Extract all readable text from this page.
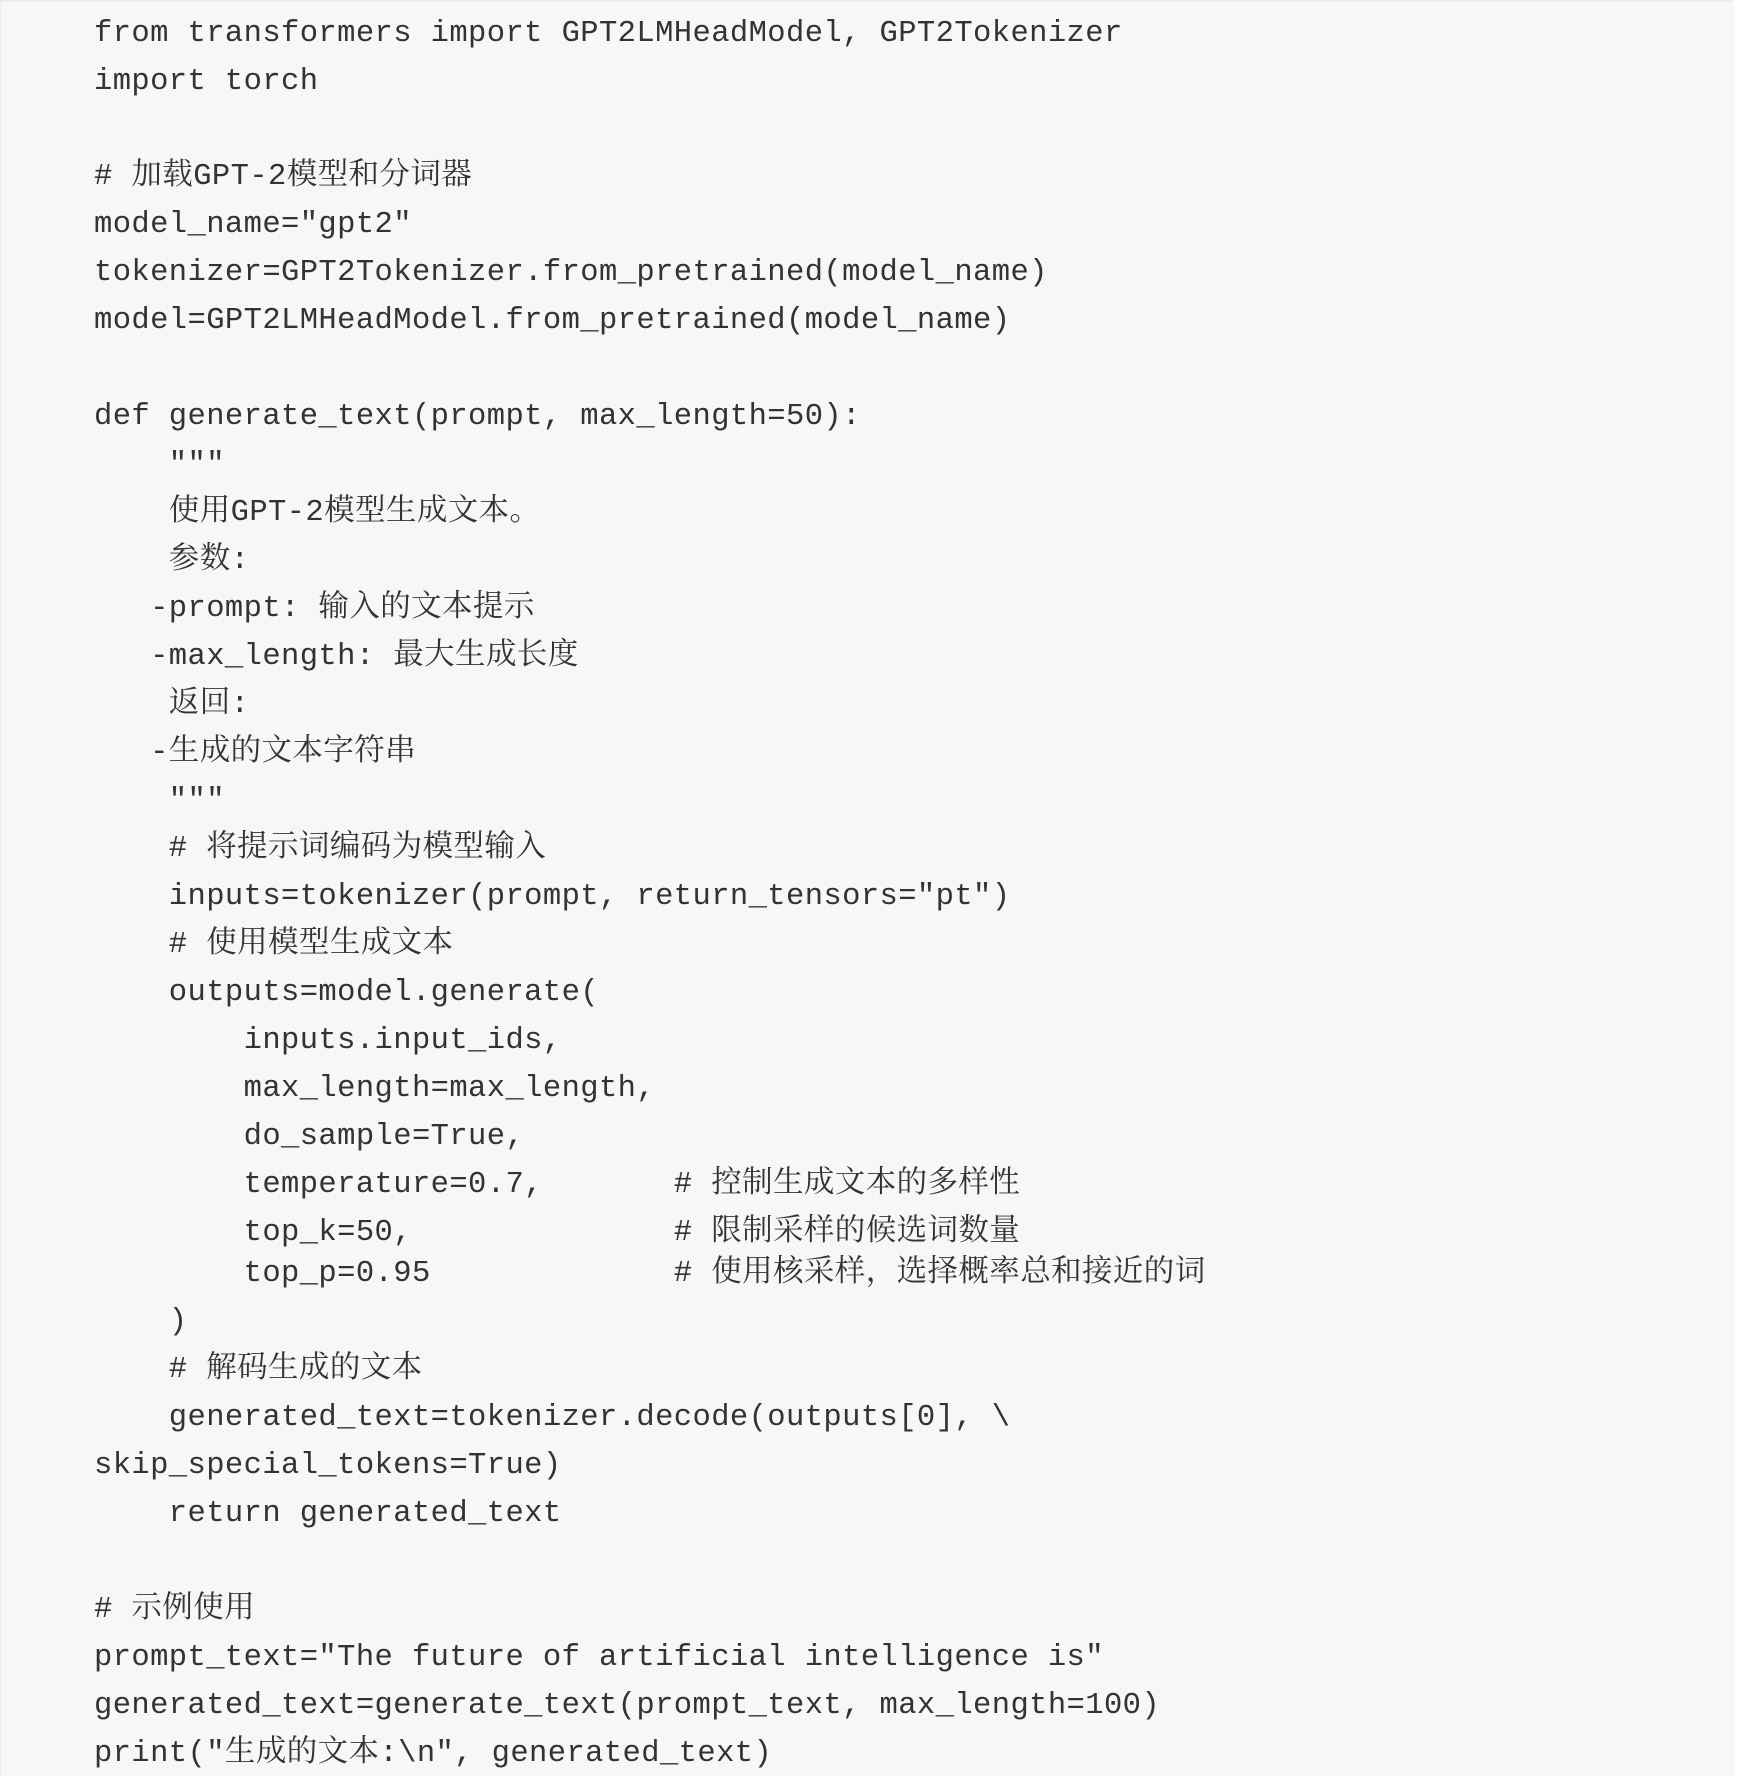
from transformers import GPT2LMHeadModel, GPT2Tokenizer
import torch
# 加载GPT-2模型和分词器
model_name="gpt2"
tokenizer=GPT2Tokenizer.from_pretrained(model_name)
model=GPT2LMHeadModel.from_pretrained(model_name)
def generate_text(prompt, max_length=50):
"""
使用GPT-2模型生成文本。
参数:
-prompt: 输入的文本提示
-max_length: 最大生成长度
返回:
-生成的文本字符串
"""
# 将提示词编码为模型输入
inputs=tokenizer(prompt, return_tensors="pt")
# 使用模型生成文本
outputs=model.generate(
inputs.input_ids,
max_length=max_length,
do_sample=True,
temperature=0.7,       # 控制生成文本的多样性
top_k=50,              # 限制采样的候选词数量
top_p=0.95             # 使用核采样，选择概率总和接近的词
)
# 解码生成的文本
generated_text=tokenizer.decode(outputs[0], \
skip_special_tokens=True)
return generated_text
# 示例使用
prompt_text="The future of artificial intelligence is"
generated_text=generate_text(prompt_text, max_length=100)
print("生成的文本:\n", generated_text)
